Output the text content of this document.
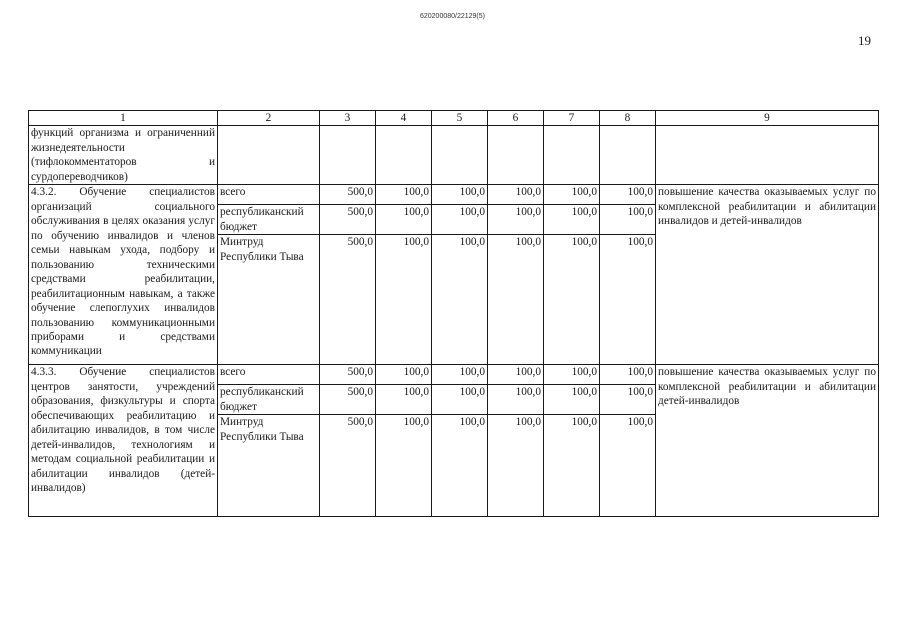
620200080/22129(5)
19
1	2	3	4	5	6	7	8	9
функций организма и ограниченний жизнедеятельности (тифлокомментаторов и сурдопереводчиков)								
4.3.2. Обучение специалистов организаций социального обслуживания в целях оказания услуг по обучению инвалидов и членов семьи навыкам ухода, подбору и пользованию техническими средствами реабилитации, реабилитационным навыкам, а также обучение слепоглухих инвалидов пользованию коммуникационными приборами и средствами коммуникации	всего	500,0	100,0	100,0	100,0	100,0	100,0	повышение качества оказываемых услуг по комплексной реабилитации и абилитации инвалидов и детей-инвалидов
	республиканский бюджет	500,0	100,0	100,0	100,0	100,0	100,0	
	Минтруд Республики Тыва	500,0	100,0	100,0	100,0	100,0	100,0	
4.3.3. Обучение специалистов центров занятости, учреждений образования, физкультуры и спорта обеспечивающих реабилитацию и абилитацию инвалидов, в том числе детей-инвалидов, технологиям и методам социальной реабилитации и абилитации инвалидов (детей-инвалидов)	всего	500,0	100,0	100,0	100,0	100,0	100,0	повышение качества оказываемых услуг по комплексной реабилитации и абилитации детей-инвалидов
	республиканский бюджет	500,0	100,0	100,0	100,0	100,0	100,0	
	Минтруд Республики Тыва	500,0	100,0	100,0	100,0	100,0	100,0	
